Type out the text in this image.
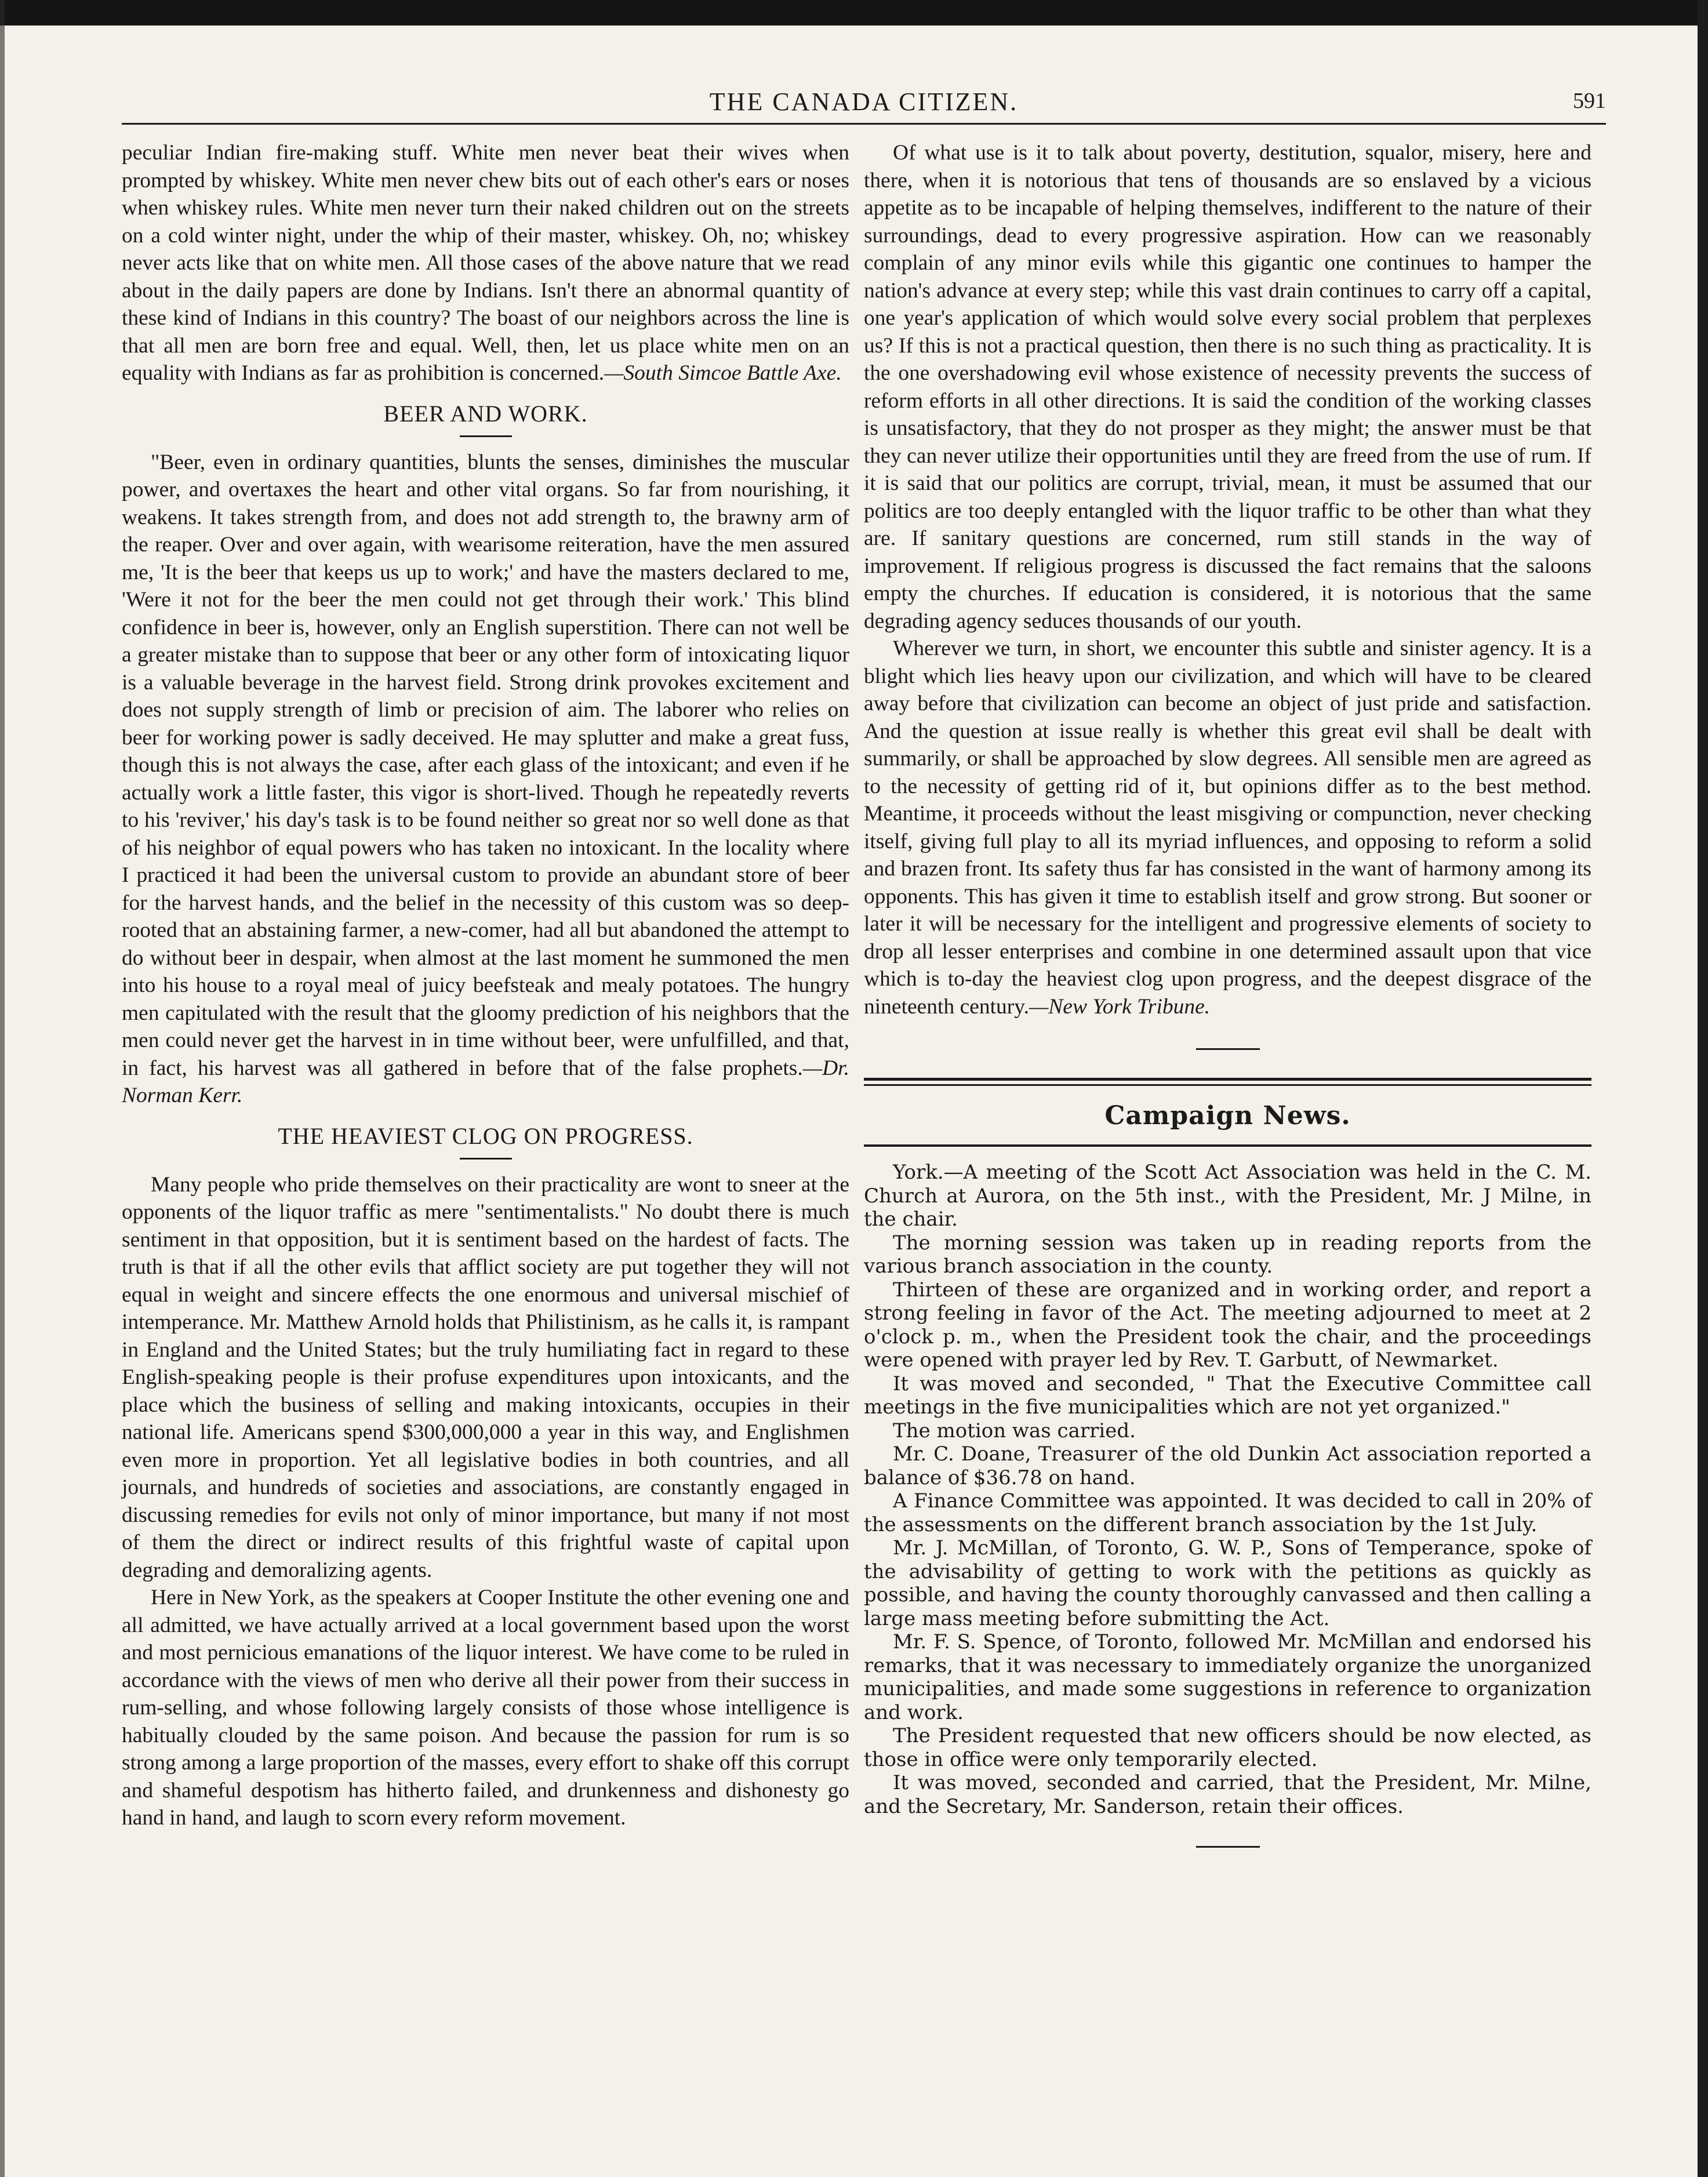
THE CANADA CITIZEN.	591

peculiar Indian fire-making stuff. White men never beat their wives when prompted by whiskey. White men never chew bits out of each other's ears or noses when whiskey rules. White men never turn their naked children out on the streets on a cold winter night, under the whip of their master, whiskey. Oh, no; whiskey never acts like that on white men. All those cases of the above nature that we read about in the daily papers are done by Indians. Isn't there an abnormal quantity of these kind of Indians in this country? The boast of our neighbors across the line is that all men are born free and equal. Well, then, let us place white men on an equality with Indians as far as prohibition is concerned.—South Simcoe Battle Axe.

BEER AND WORK.

"Beer, even in ordinary quantities, blunts the senses, diminishes the muscular power, and overtaxes the heart and other vital organs. So far from nourishing, it weakens. It takes strength from, and does not add strength to, the brawny arm of the reaper. Over and over again, with wearisome reiteration, have the men assured me, 'It is the beer that keeps us up to work;' and have the masters declared to me, 'Were it not for the beer the men could not get through their work.' This blind confidence in beer is, however, only an English superstition. There can not well be a greater mistake than to suppose that beer or any other form of intoxicating liquor is a valuable beverage in the harvest field. Strong drink provokes excitement and does not supply strength of limb or precision of aim. The laborer who relies on beer for working power is sadly deceived. He may splutter and make a great fuss, though this is not always the case, after each glass of the intoxicant; and even if he actually work a little faster, this vigor is short-lived. Though he repeatedly reverts to his 'reviver,' his day's task is to be found neither so great nor so well done as that of his neighbor of equal powers who has taken no intoxicant. In the locality where I practiced it had been the universal custom to provide an abundant store of beer for the harvest hands, and the belief in the necessity of this custom was so deep-rooted that an abstaining farmer, a new-comer, had all but abandoned the attempt to do without beer in despair, when almost at the last moment he summoned the men into his house to a royal meal of juicy beefsteak and mealy potatoes. The hungry men capitulated with the result that the gloomy prediction of his neighbors that the men could never get the harvest in in time without beer, were unfulfilled, and that, in fact, his harvest was all gathered in before that of the false prophets.—Dr. Norman Kerr.

THE HEAVIEST CLOG ON PROGRESS.

Many people who pride themselves on their practicality are wont to sneer at the opponents of the liquor traffic as mere "sentimentalists." No doubt there is much sentiment in that opposition, but it is sentiment based on the hardest of facts. The truth is that if all the other evils that afflict society are put together they will not equal in weight and sincere effects the one enormous and universal mischief of intemperance. Mr. Matthew Arnold holds that Philistinism, as he calls it, is rampant in England and the United States; but the truly humiliating fact in regard to these English-speaking people is their profuse expenditures upon intoxicants, and the place which the business of selling and making intoxicants, occupies in their national life. Americans spend $300,000,000 a year in this way, and Englishmen even more in proportion. Yet all legislative bodies in both countries, and all journals, and hundreds of societies and associations, are constantly engaged in discussing remedies for evils not only of minor importance, but many if not most of them the direct or indirect results of this frightful waste of capital upon degrading and demoralizing agents.

Here in New York, as the speakers at Cooper Institute the other evening one and all admitted, we have actually arrived at a local government based upon the worst and most pernicious emanations of the liquor interest. We have come to be ruled in accordance with the views of men who derive all their power from their success in rum-selling, and whose following largely consists of those whose intelligence is habitually clouded by the same poison. And because the passion for rum is so strong among a large proportion of the masses, every effort to shake off this corrupt and shameful despotism has hitherto failed, and drunkenness and dishonesty go hand in hand, and laugh to scorn every reform movement.

Of what use is it to talk about poverty, destitution, squalor, misery, here and there, when it is notorious that tens of thousands are so enslaved by a vicious appetite as to be incapable of helping themselves, indifferent to the nature of their surroundings, dead to every progressive aspiration. How can we reasonably complain of any minor evils while this gigantic one continues to hamper the nation's advance at every step; while this vast drain continues to carry off a capital, one year's application of which would solve every social problem that perplexes us? If this is not a practical question, then there is no such thing as practicality. It is the one overshadowing evil whose existence of necessity prevents the success of reform efforts in all other directions. It is said the condition of the working classes is unsatisfactory, that they do not prosper as they might; the answer must be that they can never utilize their opportunities until they are freed from the use of rum. If it is said that our politics are corrupt, trivial, mean, it must be assumed that our politics are too deeply entangled with the liquor traffic to be other than what they are. If sanitary questions are concerned, rum still stands in the way of improvement. If religious progress is discussed the fact remains that the saloons empty the churches. If education is considered, it is notorious that the same degrading agency seduces thousands of our youth.

Wherever we turn, in short, we encounter this subtle and sinister agency. It is a blight which lies heavy upon our civilization, and which will have to be cleared away before that civilization can become an object of just pride and satisfaction. And the question at issue really is whether this great evil shall be dealt with summarily, or shall be approached by slow degrees. All sensible men are agreed as to the necessity of getting rid of it, but opinions differ as to the best method. Meantime, it proceeds without the least misgiving or compunction, never checking itself, giving full play to all its myriad influences, and opposing to reform a solid and brazen front. Its safety thus far has consisted in the want of harmony among its opponents. This has given it time to establish itself and grow strong. But sooner or later it will be necessary for the intelligent and progressive elements of society to drop all lesser enterprises and combine in one determined assault upon that vice which is to-day the heaviest clog upon progress, and the deepest disgrace of the nineteenth century.—New York Tribune.

Campaign News.

York.—A meeting of the Scott Act Association was held in the C. M. Church at Aurora, on the 5th inst., with the President, Mr. J Milne, in the chair.

The morning session was taken up in reading reports from the various branch association in the county.

Thirteen of these are organized and in working order, and report a strong feeling in favor of the Act. The meeting adjourned to meet at 2 o'clock p. m., when the President took the chair, and the proceedings were opened with prayer led by Rev. T. Garbutt, of Newmarket.

It was moved and seconded, " That the Executive Committee call meetings in the five municipalities which are not yet organized."

The motion was carried.

Mr. C. Doane, Treasurer of the old Dunkin Act association reported a balance of $36.78 on hand.

A Finance Committee was appointed. It was decided to call in 20% of the assessments on the different branch association by the 1st July.

Mr. J. McMillan, of Toronto, G. W. P., Sons of Temperance, spoke of the advisability of getting to work with the petitions as quickly as possible, and having the county thoroughly canvassed and then calling a large mass meeting before submitting the Act.

Mr. F. S. Spence, of Toronto, followed Mr. McMillan and endorsed his remarks, that it was necessary to immediately organize the unorganized municipalities, and made some suggestions in reference to organization and work.

The President requested that new officers should be now elected, as those in office were only temporarily elected.

It was moved, seconded and carried, that the President, Mr. Milne, and the Secretary, Mr. Sanderson, retain their offices.
